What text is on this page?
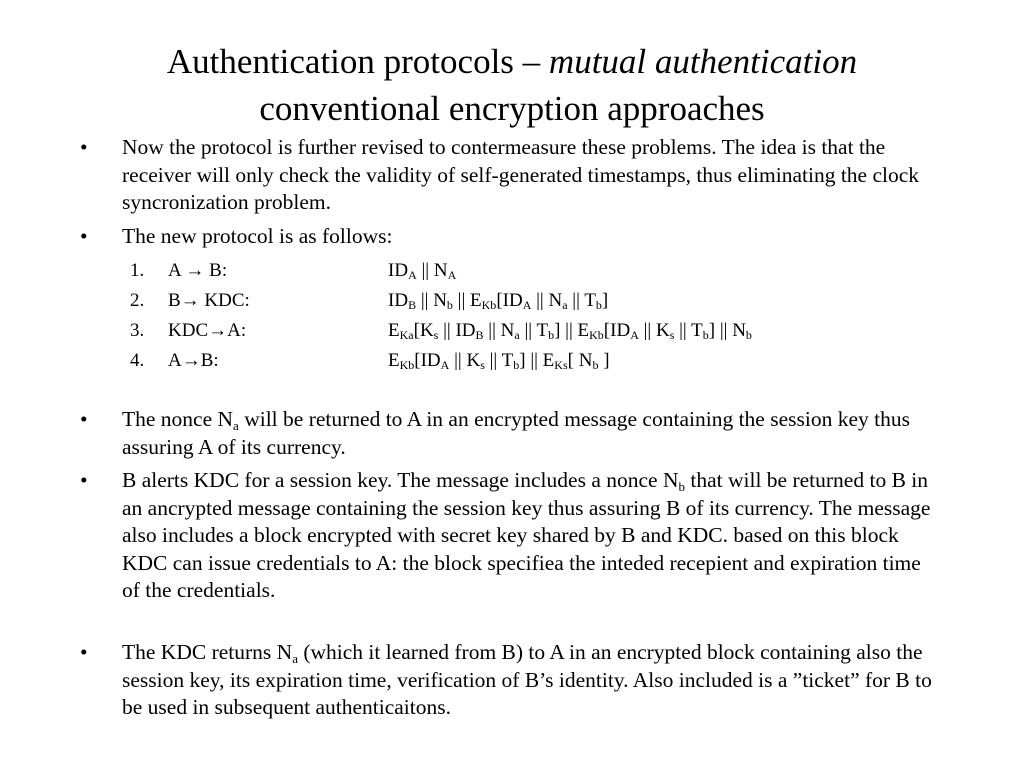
Authentication protocols – mutual authentication
conventional encryption approaches
• Now the protocol is further revised to contermeasure these problems. The idea is that the receiver will only check the validity of self-generated timestamps, thus eliminating the clock syncronization problem.
• The new protocol is as follows:
1. A → B:	$ID_A$ || $N_A$
2. B→ KDC:	$ID_B$ || $N_b$ || $E_{Kb}[ID_A$ || $N_a$ || $T_b$]
3. KDC→A:	$E_{Ka}[K_s$ || $ID_B$ || $N_a$ || $T_b$] || $E_{Kb}[ID_A$ || $K_s$ || $T_b$] || $N_b$
4. A→B:	$E_{Kb}[ID_A$ || $K_s$ || $T_b$] || $E_{Ks}$[ $N_b$ ]
• The nonce $N_a$ will be returned to A in an encrypted message containing the session key thus assuring A of its currency.
• B alerts KDC for a session key. The message includes a nonce $N_b$ that will be returned to B in an ancrypted message containing the session key thus assuring B of its currency. The message also includes a block encrypted with secret key shared by B and KDC. based on this block KDC can issue credentials to A: the block specifiea the inteded recepient and expiration time of the credentials.
• The KDC returns $N_a$ (which it learned from B) to A in an encrypted block containing also the session key, its expiration time, verification of B’s identity. Also included is a ”ticket” for B to be used in subsequent authenticaitons.
